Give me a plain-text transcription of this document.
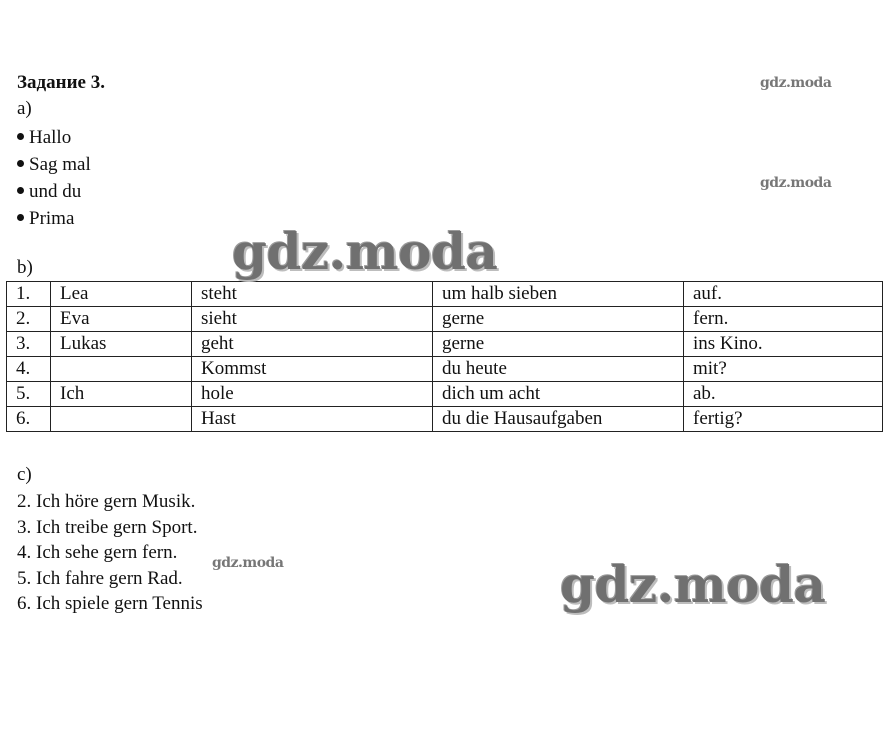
Задание 3.
a)
Hallo
Sag mal
und du
Prima
b)
1.	Lea	steht	um halb sieben	auf.
2.	Eva	sieht	gerne	fern.
3.	Lukas	geht	gerne	ins Kino.
4.		Kommst	du heute	mit?
5.	Ich	hole	dich um acht	ab.
6.		Hast	du die Hausaufgaben	fertig?
c)
2. Ich höre gern Musik.
3. Ich treibe gern Sport.
4. Ich sehe gern fern.
5. Ich fahre gern Rad.
6. Ich spiele gern Tennis
gdz.moda
gdz.moda
gdz.moda
gdz.moda	gdz.moda
